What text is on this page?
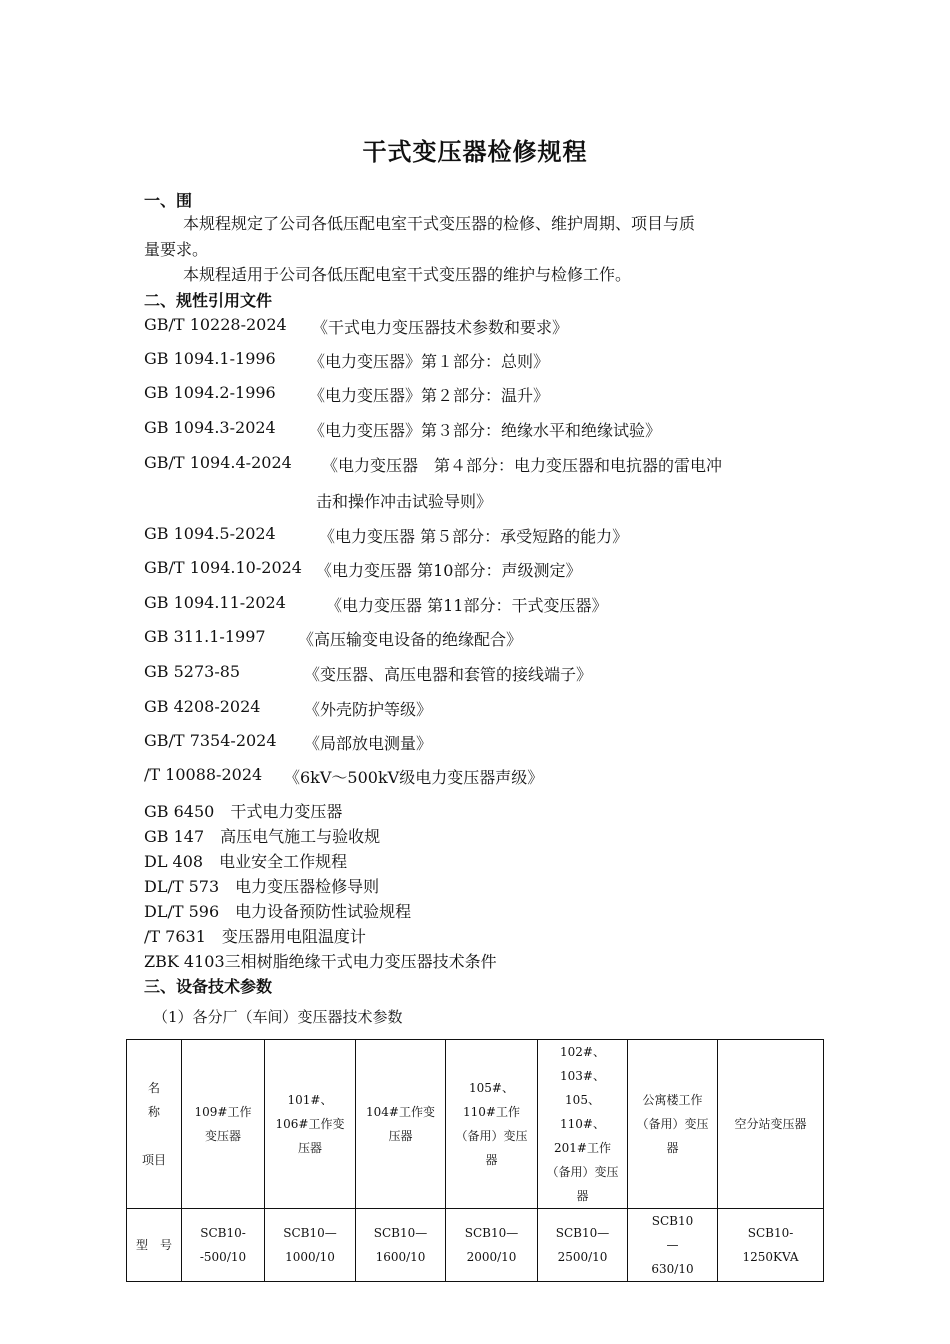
干式变压器检修规程
一、围
本规程规定了公司各低压配电室干式变压器的检修、维护周期、项目与质
量要求。
本规程适用于公司各低压配电室干式变压器的维护与检修工作。
二、规性引用文件
GB/T 10228-2024 《干式电力变压器技术参数和要求》
GB 1094.1-1996 《电力变压器》第１部分：总则》
GB 1094.2-1996 《电力变压器》第２部分：温升》
GB 1094.3-2024 《电力变压器》第３部分：绝缘水平和绝缘试验》
GB/T 1094.4-2024 《电力变压器　第４部分：电力变压器和电抗器的雷电冲
击和操作冲击试验导则》
GB 1094.5-2024	《电力变压器 第５部分：承受短路的能力》
GB/T 1094.10-2024 《电力变压器 第10部分：声级测定》
GB 1094.11-2024	《电力变压器 第11部分：干式变压器》
GB 311.1-1997 《高压输变电设备的绝缘配合》
GB 5273-85	《变压器、高压电器和套管的接线端子》
GB 4208-2024	《外壳防护等级》
GB/T 7354-2024 《局部放电测量》
/T 10088-2024 《6kV～500kV级电力变压器声级》
GB 6450　干式电力变压器
GB 147　高压电气施工与验收规
DL 408　电业安全工作规程
DL/T 573　电力变压器检修导则
DL/T 596　电力设备预防性试验规程
/T 7631　变压器用电阻温度计
ZBK 4103三相树脂绝缘干式电力变压器技术条件
三、设备技术参数
（1）各分厂（车间）变压器技术参数
名
称
项目	109#工作变压器	101#、106#工作变压器	104#工作变压器	105#、110#工作（备用）变压器	102#、103#、105、110#、201#工作（备用）变压器	公寓楼工作（备用）变压器	空分站变压器

型　号	SCB10--500/10	SCB10—1000/10	SCB10—1600/10	SCB10—2000/10	SCB10—2500/10	SCB10—630/10	SCB10-1250KVA
